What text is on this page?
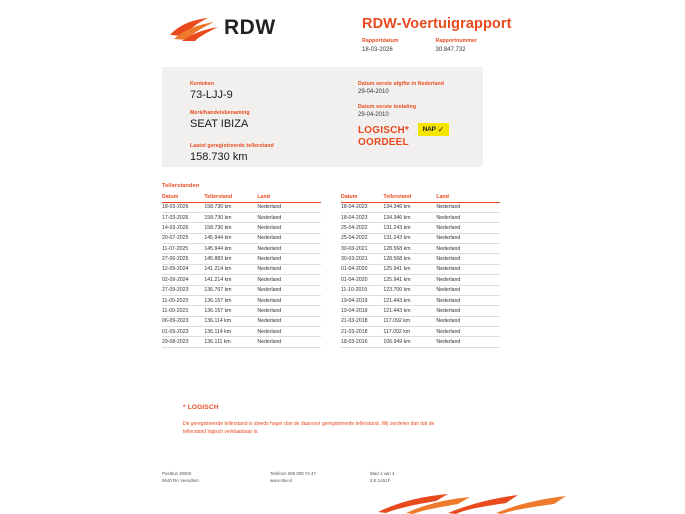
RDW	RDW-Voertuigrapport
Rapportdatum
18-03-2026

Rapportnummer
30.847.732
Kenteken
73-LJJ-9
Merk/handelsbenaming
SEAT IBIZA
Datum eerste afgifte in Nederland
29-04-2010
Datum eerste toelating
29-04-2010
Laatst geregistreerde tellerstand
158.730 km
LOGISCH*
OORDEEL
NAP ✓
Tellerstanden
Datum	Tellerstand	Land		Datum	Tellerstand	Land
18-03-2026	158.730 km	Nederland		18-04-2023	134.346 km	Nederland
17-03-2026	158.730 km	Nederland		18-04-2023	134.346 km	Nederland
14-03-2026	158.730 km	Nederland		25-04-2022	131.243 km	Nederland
20-07-2025	145.944 km	Nederland		25-04-2022	131.243 km	Nederland
11-07-2025	145.944 km	Nederland		30-03-2021	128.568 km	Nederland
27-06-2025	145.883 km	Nederland		30-03-2021	128.568 km	Nederland
12-09-2024	141.214 km	Nederland		01-04-2020	125.941 km	Nederland
02-09-2024	141.214 km	Nederland		01-04-2020	125.941 km	Nederland
27-09-2023	136.767 km	Nederland		11-10-2019	123.700 km	Nederland
11-09-2023	136.157 km	Nederland		19-04-2019	121.443 km	Nederland
11-09-2023	136.157 km	Nederland		19-04-2019	121.443 km	Nederland
06-09-2023	136.114 km	Nederland		21-03-2018	117.092 km	Nederland
01-09-2023	136.114 km	Nederland		21-03-2018	117.092 km	Nederland
29-08-2023	136.111 km	Nederland		18-03-2016	106.949 km	Nederland
* LOGISCH
De geregistreerde tellerstand is steeds hoger dan de daarvoor geregistreerde tellerstand. Wij oordelen dan dat de tellerstand logisch verklaarbaar is.
Postbus 30000
9640 RA Veendam
Telefoon 088 008 74 47
www.rdw.nl
Blad 1 van 4
3.E.1451F
